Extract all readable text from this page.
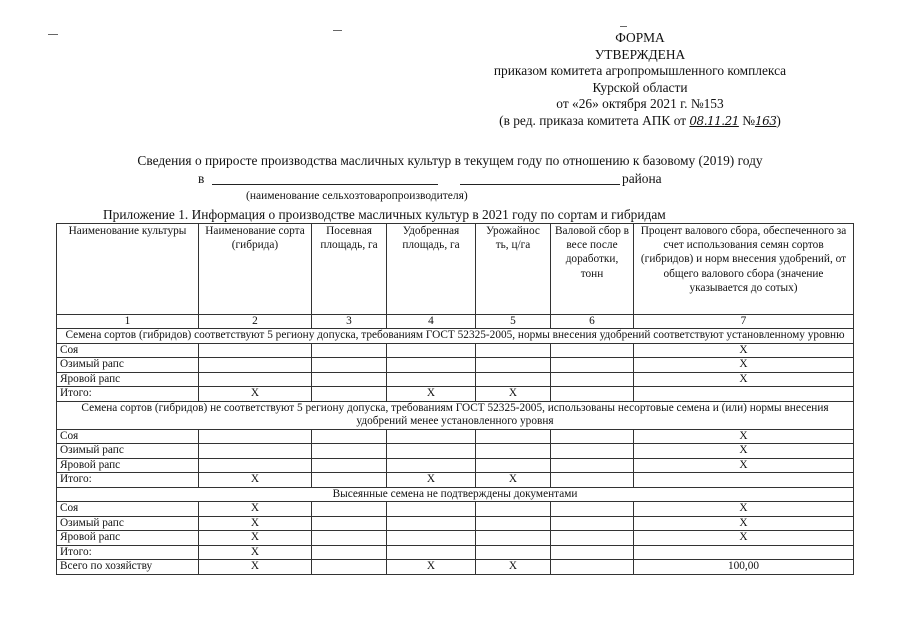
ФОРМА
УТВЕРЖДЕНА
приказом комитета агропромышленного комплекса
Курской области
от «26» октября 2021 г. №153
(в ред. приказа комитета АПК от 08.11.21 №163)
Сведения о приросте производства масличных культур в текущем году по отношению к базовому (2019) году
в	района
(наименование сельхозтоваропроизводителя)
Приложение 1. Информация о производстве масличных культур в 2021 году по сортам и гибридам
Наименование культуры	Наименование сорта (гибрида)	Посевная площадь, га	Удобренная площадь, га	Урожайнос ть, ц/га	Валовой сбор в весе после доработки, тонн	Процент валового сбора, обеспеченного за счет использования семян сортов (гибридов) и норм внесения удобрений, от общего валового сбора (значение указывается до сотых)
1	2	3	4	5	6	7
Семена сортов (гибридов) соответствуют 5 региону допуска, требованиям ГОСТ 52325-2005, нормы внесения удобрений соответствуют установленному уровню						
Соя						Х
Озимый рапс						Х
Яровой рапс						Х
Итого:	Х		Х	Х		
Семена сортов (гибридов) не соответствуют 5 региону допуска, требованиям ГОСТ 52325-2005, использованы несортовые семена и (или) нормы внесения удобрений менее установленного уровня						
Соя						Х
Озимый рапс						Х
Яровой рапс						Х
Итого:	Х		Х	Х		
Высеянные семена не подтверждены документами						
Соя	Х					Х
Озимый рапс	Х					Х
Яровой рапс	Х					Х
Итого:	Х					
Всего по хозяйству	Х		Х	Х		100,00
